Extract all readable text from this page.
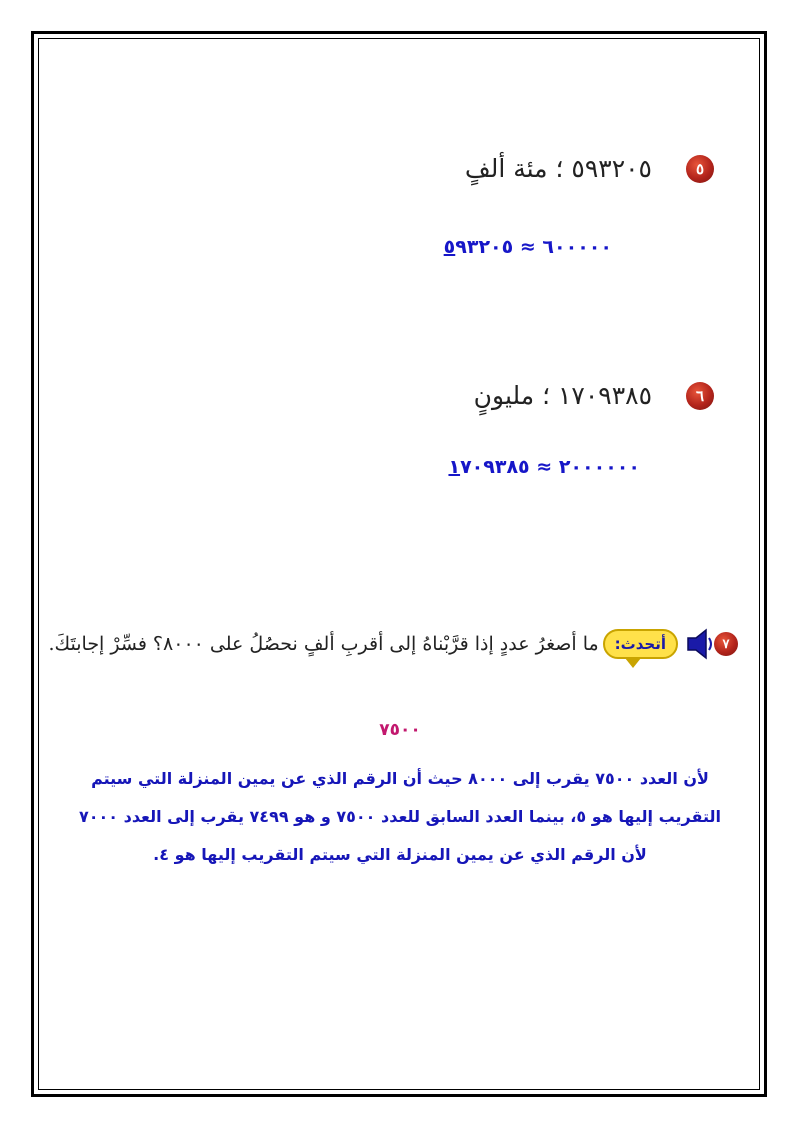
٥
٥٩٣٢٠٥ ؛ مئة ألفٍ
٦٠٠٠٠٠ ≈ ٥٩٣٢٠٥
٦
١٧٠٩٣٨٥ ؛ مليونٍ
٢٠٠٠٠٠٠ ≈ ١٧٠٩٣٨٥
٧
أتحدث:
ما أصغرُ عددٍ إذا قرَّبْناهُ إلى أقربِ ألفٍ نحصُلُ على ٨٠٠٠؟ فسِّرْ إجابتَكَ.
٧٥٠٠
لأن العدد ٧٥٠٠ يقرب إلى ٨٠٠٠ حيث أن الرقم الذي عن يمين المنزلة التي سيتم التقريب إليها هو ٥، بينما العدد السابق للعدد ٧٥٠٠ و هو ٧٤٩٩ يقرب إلى العدد ٧٠٠٠ لأن الرقم الذي عن يمين المنزلة التي سيتم التقريب إليها هو ٤.
